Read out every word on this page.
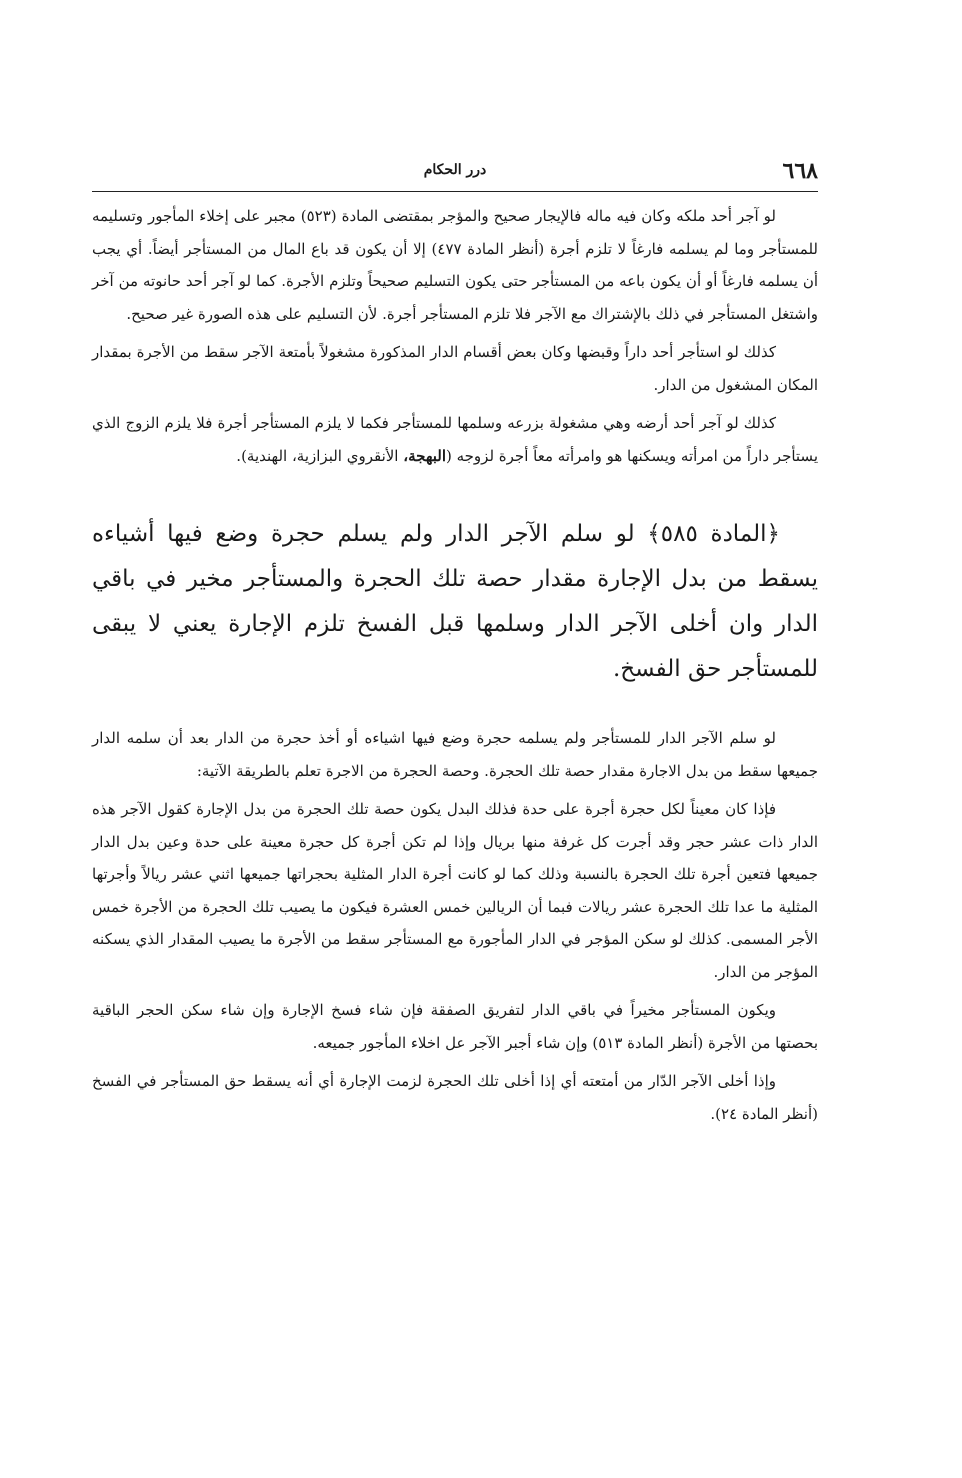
٦٦٨
درر الحكام

لو آجر أحد ملكه وكان فيه ماله فالإيجار صحيح والمؤجر بمقتضى المادة (٥٢٣) مجبر على إخلاء المأجور وتسليمه للمستأجر وما لم يسلمه فارغاً لا تلزم أجرة (أنظر المادة ٤٧٧) إلا أن يكون قد باع المال من المستأجر أيضاً. أي يجب أن يسلمه فارغاً أو أن يكون باعه من المستأجر حتى يكون التسليم صحيحاً وتلزم الأجرة. كما لو آجر أحد حانوته من آخر واشتغل المستأجر في ذلك بالإشتراك مع الآجر فلا تلزم المستأجر أجرة. لأن التسليم على هذه الصورة غير صحيح.

كذلك لو استأجر أحد داراً وقبضها وكان بعض أقسام الدار المذكورة مشغولاً بأمتعة الآجر سقط من الأجرة بمقدار المكان المشغول من الدار.

كذلك لو آجر أحد أرضه وهي مشغولة بزرعه وسلمها للمستأجر فكما لا يلزم المستأجر أجرة فلا يلزم الزوج الذي يستأجر داراً من امرأته ويسكنها هو وامرأته معاً أجرة لزوجه (البهجة، الأنقروي البزازية، الهندية).

﴿المادة ٥٨٥﴾ لو سلم الآجر الدار ولم يسلم حجرة وضع فيها أشياءه يسقط من بدل الإجارة مقدار حصة تلك الحجرة والمستأجر مخير في باقي الدار وان أخلى الآجر الدار وسلمها قبل الفسخ تلزم الإجارة يعني لا يبقى للمستأجر حق الفسخ.

لو سلم الآجر الدار للمستأجر ولم يسلمه حجرة وضع فيها اشياءه أو أخذ حجرة من الدار بعد أن سلمه الدار جميعها سقط من بدل الاجارة مقدار حصة تلك الحجرة. وحصة الحجرة من الاجرة تعلم بالطريقة الآتية:

فإذا كان معيناً لكل حجرة أجرة على حدة فذلك البدل يكون حصة تلك الحجرة من بدل الإجارة كقول الآجر هذه الدار ذات عشر حجر وقد أجرت كل غرفة منها بريال وإذا لم تكن أجرة كل حجرة معينة على حدة وعين بدل الدار جميعها فتعين أجرة تلك الحجرة بالنسبة وذلك كما لو كانت أجرة الدار المثلية بحجراتها جميعها اثني عشر ريالاً وأجرتها المثلية ما عدا تلك الحجرة عشر ريالات فبما أن الريالين خمس العشرة فيكون ما يصيب تلك الحجرة من الأجرة خمس الأجر المسمى. كذلك لو سكن المؤجر في الدار المأجورة مع المستأجر سقط من الأجرة ما يصيب المقدار الذي يسكنه المؤجر من الدار.

ويكون المستأجر مخيراً في باقي الدار لتفريق الصفقة فإن شاء فسخ الإجارة وإن شاء سكن الحجر الباقية بحصتها من الأجرة (أنظر المادة ٥١٣) وإن شاء أجبر الآجر عل اخلاء المأجور جميعه.

وإذا أخلى الآجر الدّار من أمتعته أي إذا أخلى تلك الحجرة لزمت الإجارة أي أنه يسقط حق المستأجر في الفسخ (أنظر المادة ٢٤).
